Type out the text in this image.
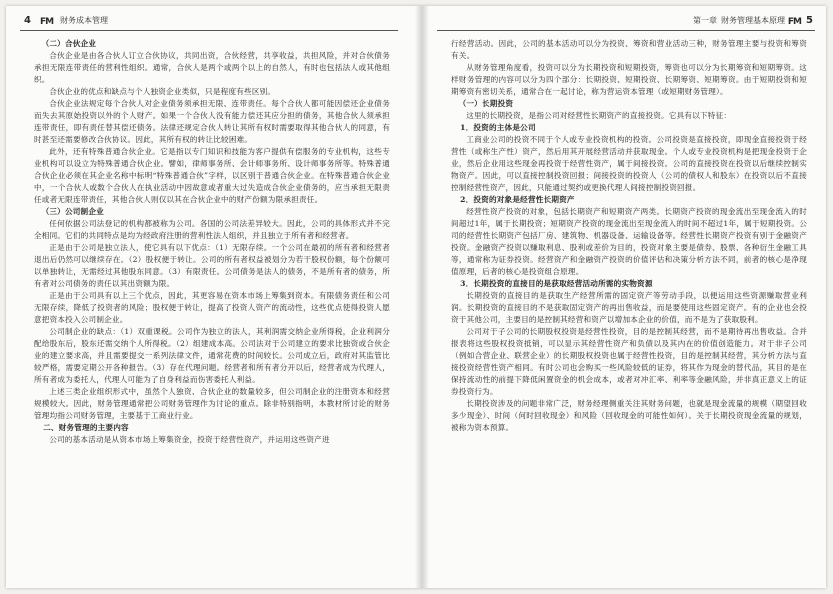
4 FM 财务成本管理
（二）合伙企业

合伙企业是由各合伙人订立合伙协议，共同出资，合伙经营，共享收益，共担风险，并对合伙债务承担无限连带责任的营利性组织。通常，合伙人是两个或两个以上的自然人，有时也包括法人或其他组织。

合伙企业的优点和缺点与个人独资企业类似，只是程度有些区别。

合伙企业法规定每个合伙人对企业债务须承担无限、连带责任。每个合伙人都可能因偿还企业债务而失去其原始投资以外的个人财产。如果一个合伙人没有能力偿还其应分担的债务，其他合伙人须承担连带责任，即有责任替其偿还债务。法律还规定合伙人转让其所有权时需要取得其他合伙人的同意，有时甚至还需要修改合伙协议。因此，其所有权的转让比较困难。

此外，还有特殊普通合伙企业。它是指以专门知识和技能为客户提供有偿服务的专业机构，这些专业机构可以设立为特殊普通合伙企业。譬如，律师事务所、会计师事务所、设计师事务所等。特殊普通合伙企业必须在其企业名称中标明“特殊普通合伙”字样，以区别于普通合伙企业。在特殊普通合伙企业中，一个合伙人或数个合伙人在执业活动中因故意或者重大过失造成合伙企业债务的，应当承担无限责任或者无限连带责任，其他合伙人则仅以其在合伙企业中的财产份额为限承担责任。

（三）公司制企业

任何依据公司法登记的机构都被称为公司。各国的公司法差异较大。因此，公司的具体形式并不完全相同。它们的共同特点是均为经政府注册的营利性法人组织，并且独立于所有者和经营者。

正是由于公司是独立法人，使它具有以下优点：（1）无限存续。一个公司在最初的所有者和经营者退出后仍然可以继续存在。（2）股权便于转让。公司的所有者权益被划分为若干股权份额，每个份额可以单独转让，无需经过其他股东同意。（3）有限责任。公司债务是法人的债务，不是所有者的债务，所有者对公司债务的责任以其出资额为限。

正是由于公司具有以上三个优点，因此，其更容易在资本市场上筹集到资本。有限债务责任和公司无限存续，降低了投资者的风险；股权便于转让，提高了投资人资产的流动性，这些优点使得投资人愿意把资本投入公司制企业。

公司制企业的缺点：（1）双重课税。公司作为独立的法人，其利润需交纳企业所得税，企业利润分配给股东后，股东还需交纳个人所得税。（2）组建成本高。公司法对于公司建立的要求比独资或合伙企业的建立要求高，并且需要提交一系列法律文件，通常花费的时间较长。公司成立后，政府对其监管比较严格，需要定期公开各种报告。（3）存在代理问题。经营者和所有者分开以后，经营者成为代理人，所有者成为委托人，代理人可能为了自身利益而伤害委托人利益。

上述三类企业组织形式中，虽然个人独资、合伙企业的数量较多，但公司制企业的注册资本和经营规模较大。因此，财务管理通常把公司财务管理作为讨论的重点。除非特别指明，本教材所讨论的财务管理均指公司财务管理，主要基于工商业行业。

二、财务管理的主要内容

公司的基本活动是从资本市场上筹集资金，投资于经营性资产，并运用这些资产进

第一章 财务管理基本原理 FM 5

行经营活动。因此，公司的基本活动可以分为投资、筹资和营业活动三种，财务管理主要与投资和筹资有关。

从财务管理角度看，投资可以分为长期投资和短期投资，筹资也可以分为长期筹资和短期筹资。这样财务管理的内容可以分为四个部分：长期投资、短期投资、长期筹资、短期筹资。由于短期投资和短期筹资有密切关系，通常合在一起讨论，称为营运资本管理（或短期财务管理）。

（一）长期投资

这里的长期投资，是指公司对经营性长期资产的直接投资。它具有以下特征：

1．投资的主体是公司

工商业公司的投资不同于个人或专业投资机构的投资。公司投资是直接投资，即现金直接投资于经营性（或称生产性）资产，然后用其开展经营活动并获取现金。个人或专业投资机构是把现金投资于企业，然后企业用这些现金再投资于经营性资产，属于间接投资。公司的直接投资在投资以后继续控制实物资产。因此，可以直接控制投资回报；间接投资的投资人（公司的债权人和股东）在投资以后不直接控制经营性资产，因此，只能通过契约或更换代理人间接控制投资回报。

2．投资的对象是经营性长期资产

经营性资产投资的对象，包括长期资产和短期资产两类。长期资产投资的现金流出至现金流入的时间超过1年，属于长期投资；短期资产投资的现金流出至现金流入的时间不超过1年，属于短期投资。公司的经营性长期资产包括厂房、建筑物、机器设备、运输设备等。经营性长期资产投资有别于金融资产投资。金融资产投资以赚取利息、股利或差价为目的，投资对象主要是债券、股票、各种衍生金融工具等，通常称为证券投资。经营资产和金融资产投资的价值评估和决策分析方法不同，前者的核心是净现值原理，后者的核心是投资组合原理。

3．长期投资的直接目的是获取经营活动所需的实物资源

长期投资的直接目的是获取生产经营所需的固定资产等劳动手段，以便运用这些资源赚取营业利润。长期投资的直接目的不是获取固定资产的再出售收益，而是要使用这些固定资产。有的企业也会投资于其他公司，主要目的是控制其经营和资产以增加本企业的价值，而不是为了获取股利。

公司对于子公司的长期股权投资是经营性投资，目的是控制其经营，而不是期待再出售收益。合并报表将这些股权投资抵销，可以显示其经营性资产和负债以及其内在的价值创造能力。对于非子公司（例如合营企业、联营企业）的长期股权投资也属于经营性投资，目的是控制其经营，其分析方法与直接投资经营性资产相同。有时公司也会购买一些风险较低的证券，将其作为现金的替代品，其目的是在保持流动性的前提下降低闲置资金的机会成本，或者对冲汇率、利率等金融风险，并非真正意义上的证券投资行为。

长期投资涉及的问题非常广泛，财务经理侧重关注其财务问题，也就是现金流量的规模（期望回收多少现金）、时间（何时回收现金）和风险（回收现金的可能性如何）。关于长期投资现金流量的规划，被称为资本预算。
